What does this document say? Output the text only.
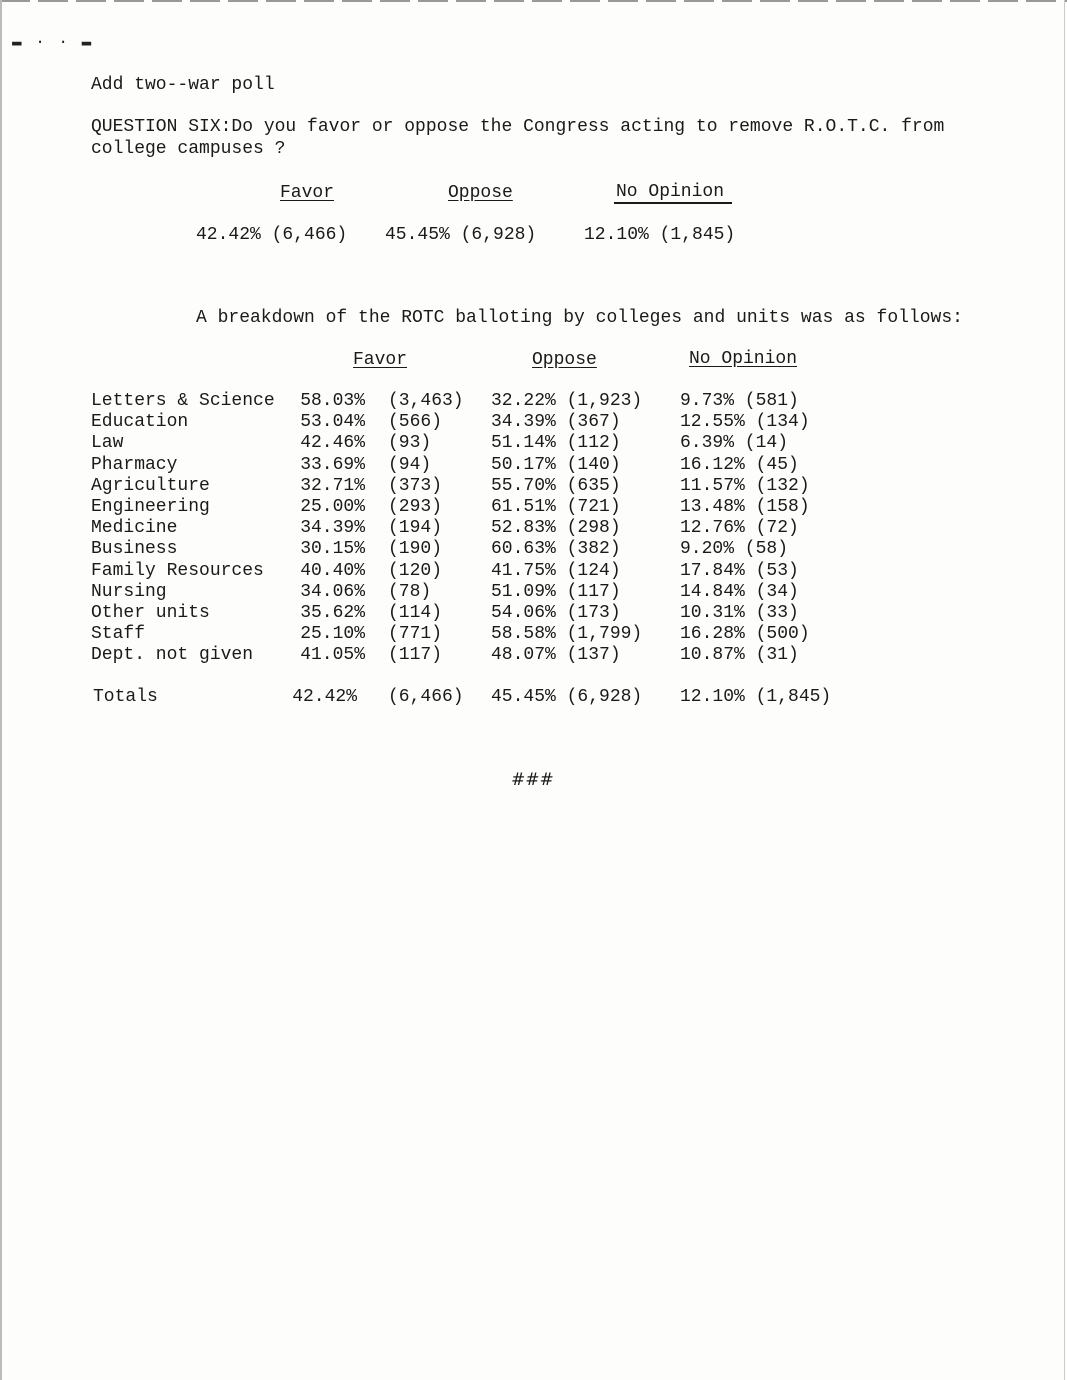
▬ · · ▬
Add two--war poll
QUESTION SIX:Do you favor or oppose the Congress acting to remove R.O.T.C. from
college campuses ?
Favor	Oppose	No Opinion
42.42% (6,466) 45.45% (6,928)	12.10% (1,845)
A breakdown of the ROTC balloting by colleges and units was as follows:
Favor	Oppose	No Opinion
Letters & Science	58.03% (3,463) 32.22% (1,923) 9.73% (581)
Education	53.04% (566)	34.39% (367)	12.55% (134)
Law	42.46% (93)	51.14% (112)	6.39% (14)
Pharmacy	33.69% (94)	50.17% (140)	16.12% (45)
Agriculture	32.71% (373)	55.70% (635)	11.57% (132)
Engineering	25.00% (293)	61.51% (721)	13.48% (158)
Medicine	34.39% (194)	52.83% (298)	12.76% (72)
Business	30.15% (190)	60.63% (382)	9.20% (58)
Family Resources	40.40% (120)	41.75% (124)	17.84% (53)
Nursing	34.06% (78)	51.09% (117)	14.84% (34)
Other units	35.62% (114)	54.06% (173)	10.31% (33)
Staff	25.10% (771)	58.58% (1,799) 16.28% (500)
Dept. not given	41.05% (117)	48.07% (137)	10.87% (31)
Totals	42.42% (6,466) 45.45% (6,928) 12.10% (1,845)
###
